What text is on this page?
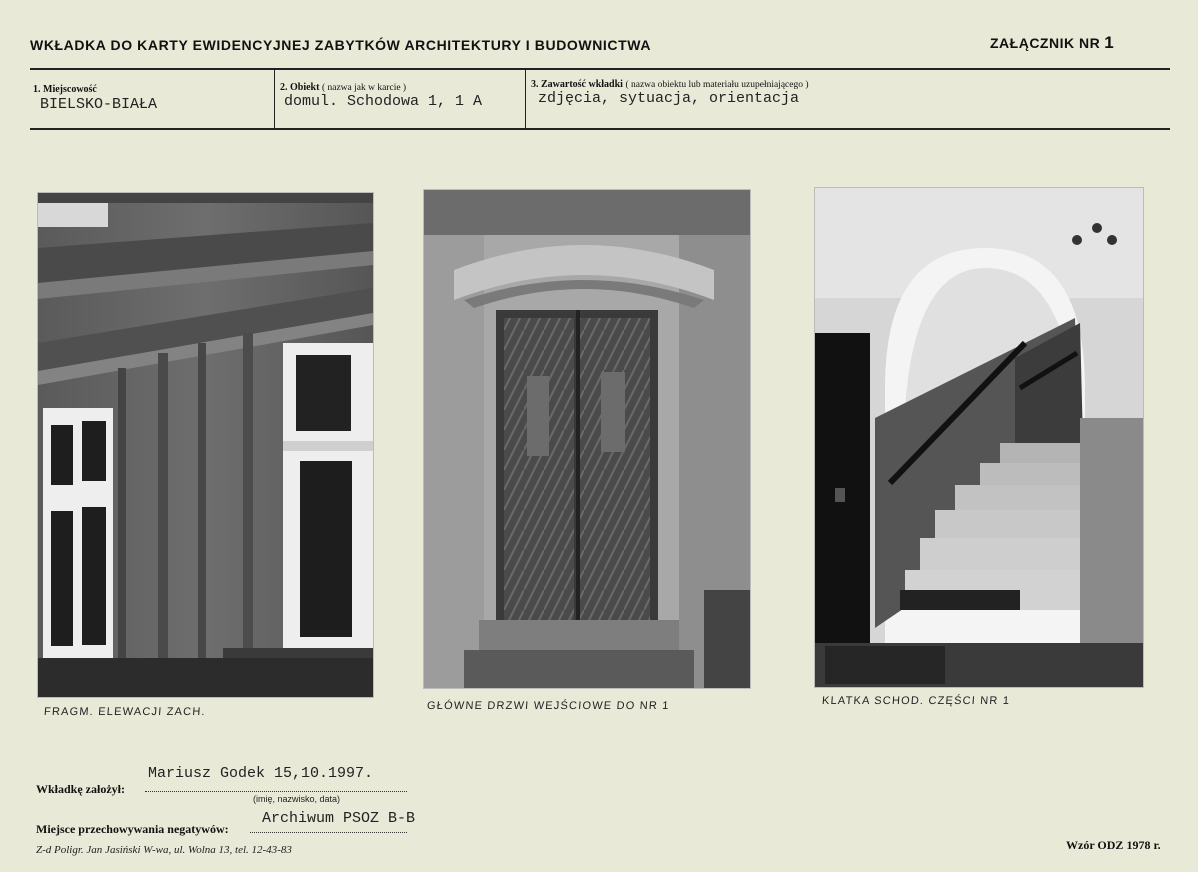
WKŁADKA DO KARTY EWIDENCYJNEJ ZABYTKÓW ARCHITEKTURY I BUDOWNICTWA	ZAŁĄCZNIK NR 1
1. Miejscowość
BIELSKO-BIAŁA
2. Obiekt ( nazwa jak w karcie )
domul. Schodowa 1, 1 A
3. Zawartość wkładki ( nazwa obiektu lub materiału uzupełniającego )
zdjęcia, sytuacja, orientacja
FRAGM. ELEWACJI ZACH.	GŁÓWNE DRZWI WEJŚCIOWE DO NR 1	KLATKA SCHOD. CZĘŚCI NR 1
Mariusz Godek 15,10.1997.
Wkładkę założył:
(imię, nazwisko, data)
Archiwum PSOZ B-B
Miejsce przechowywania negatywów:
Z-d Poligr. Jan Jasiński W-wa, ul. Wolna 13, tel. 12-43-83	Wzór ODZ 1978 r.
